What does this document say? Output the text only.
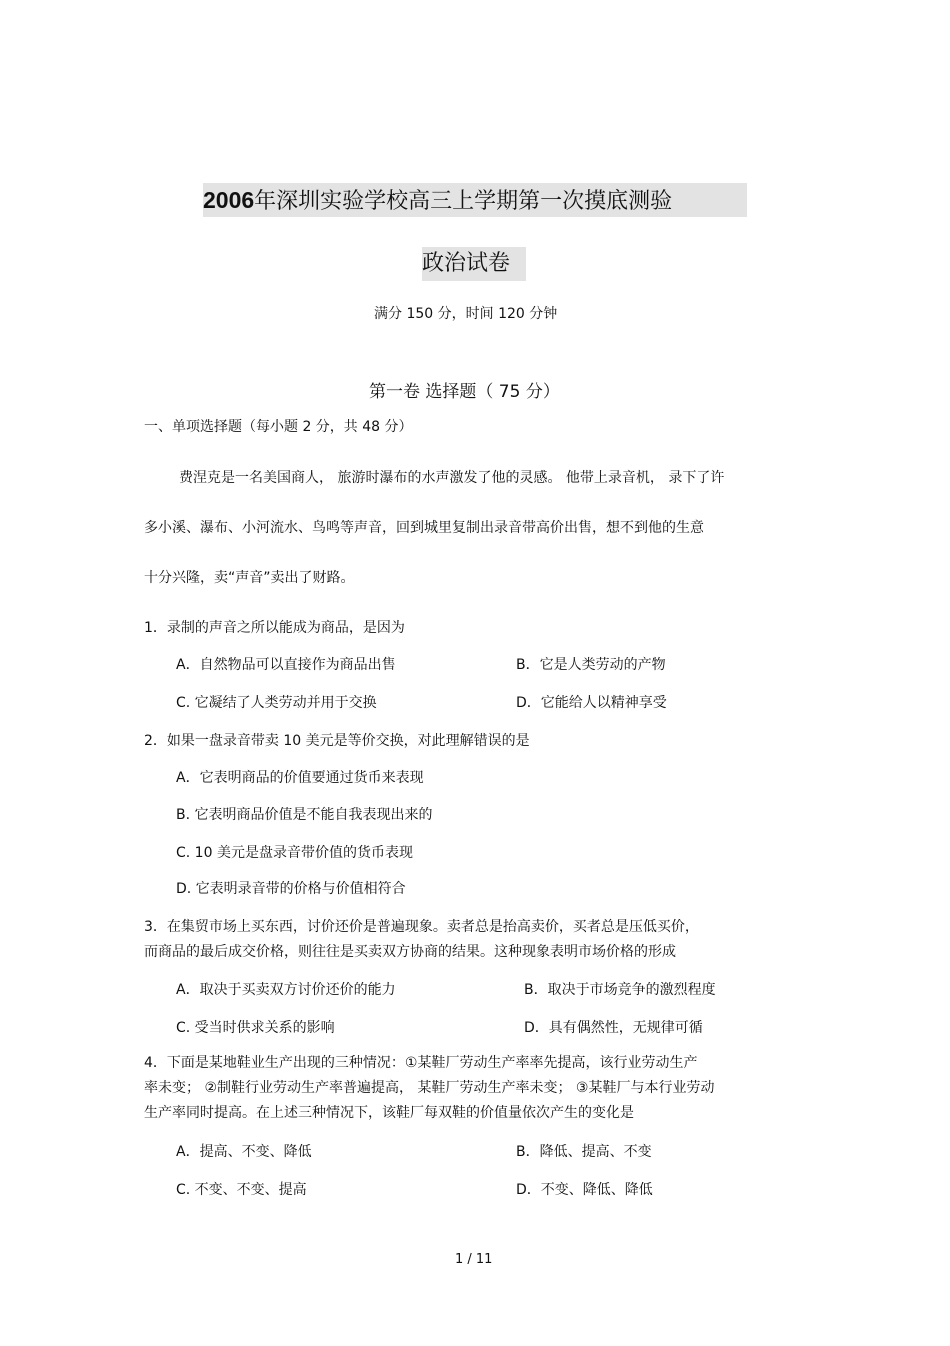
2006年深圳实验学校高三上学期第一次摸底测验
政治试卷
满分 150 分，时间 120 分钟
第一卷 选择题（ 75 分）
一、单项选择题（每小题 2 分，共 48 分）
费涅克是一名美国商人， 旅游时瀑布的水声激发了他的灵感。 他带上录音机， 录下了许
多小溪、瀑布、小河流水、鸟鸣等声音，回到城里复制出录音带高价出售，想不到他的生意
十分兴隆，卖“声音”卖出了财路。
1．录制的声音之所以能成为商品，是因为
A．自然物品可以直接作为商品出售	B．它是人类劳动的产物
C. 它凝结了人类劳动并用于交换	D．它能给人以精神享受
2．如果一盘录音带卖 10 美元是等价交换，对此理解错误的是
A．它表明商品的价值要通过货币来表现
B. 它表明商品价值是不能自我表现出来的
C. 10 美元是盘录音带价值的货币表现
D. 它表明录音带的价格与价值相符合
3．在集贸市场上买东西，讨价还价是普遍现象。卖者总是抬高卖价，买者总是压低买价，
而商品的最后成交价格，则往往是买卖双方协商的结果。这种现象表明市场价格的形成
A．取决于买卖双方讨价还价的能力	B．取决于市场竞争的激烈程度
C. 受当时供求关系的影响	D．具有偶然性，无规律可循
4．下面是某地鞋业生产出现的三种情况：①某鞋厂劳动生产率率先提高，该行业劳动生产
率未变； ②制鞋行业劳动生产率普遍提高， 某鞋厂劳动生产率未变； ③某鞋厂与本行业劳动
生产率同时提高。在上述三种情况下，该鞋厂每双鞋的价值量依次产生的变化是
A．提高、不变、降低	B．降低、提高、不变
C. 不变、不变、提高	D．不变、降低、降低
1 / 11
